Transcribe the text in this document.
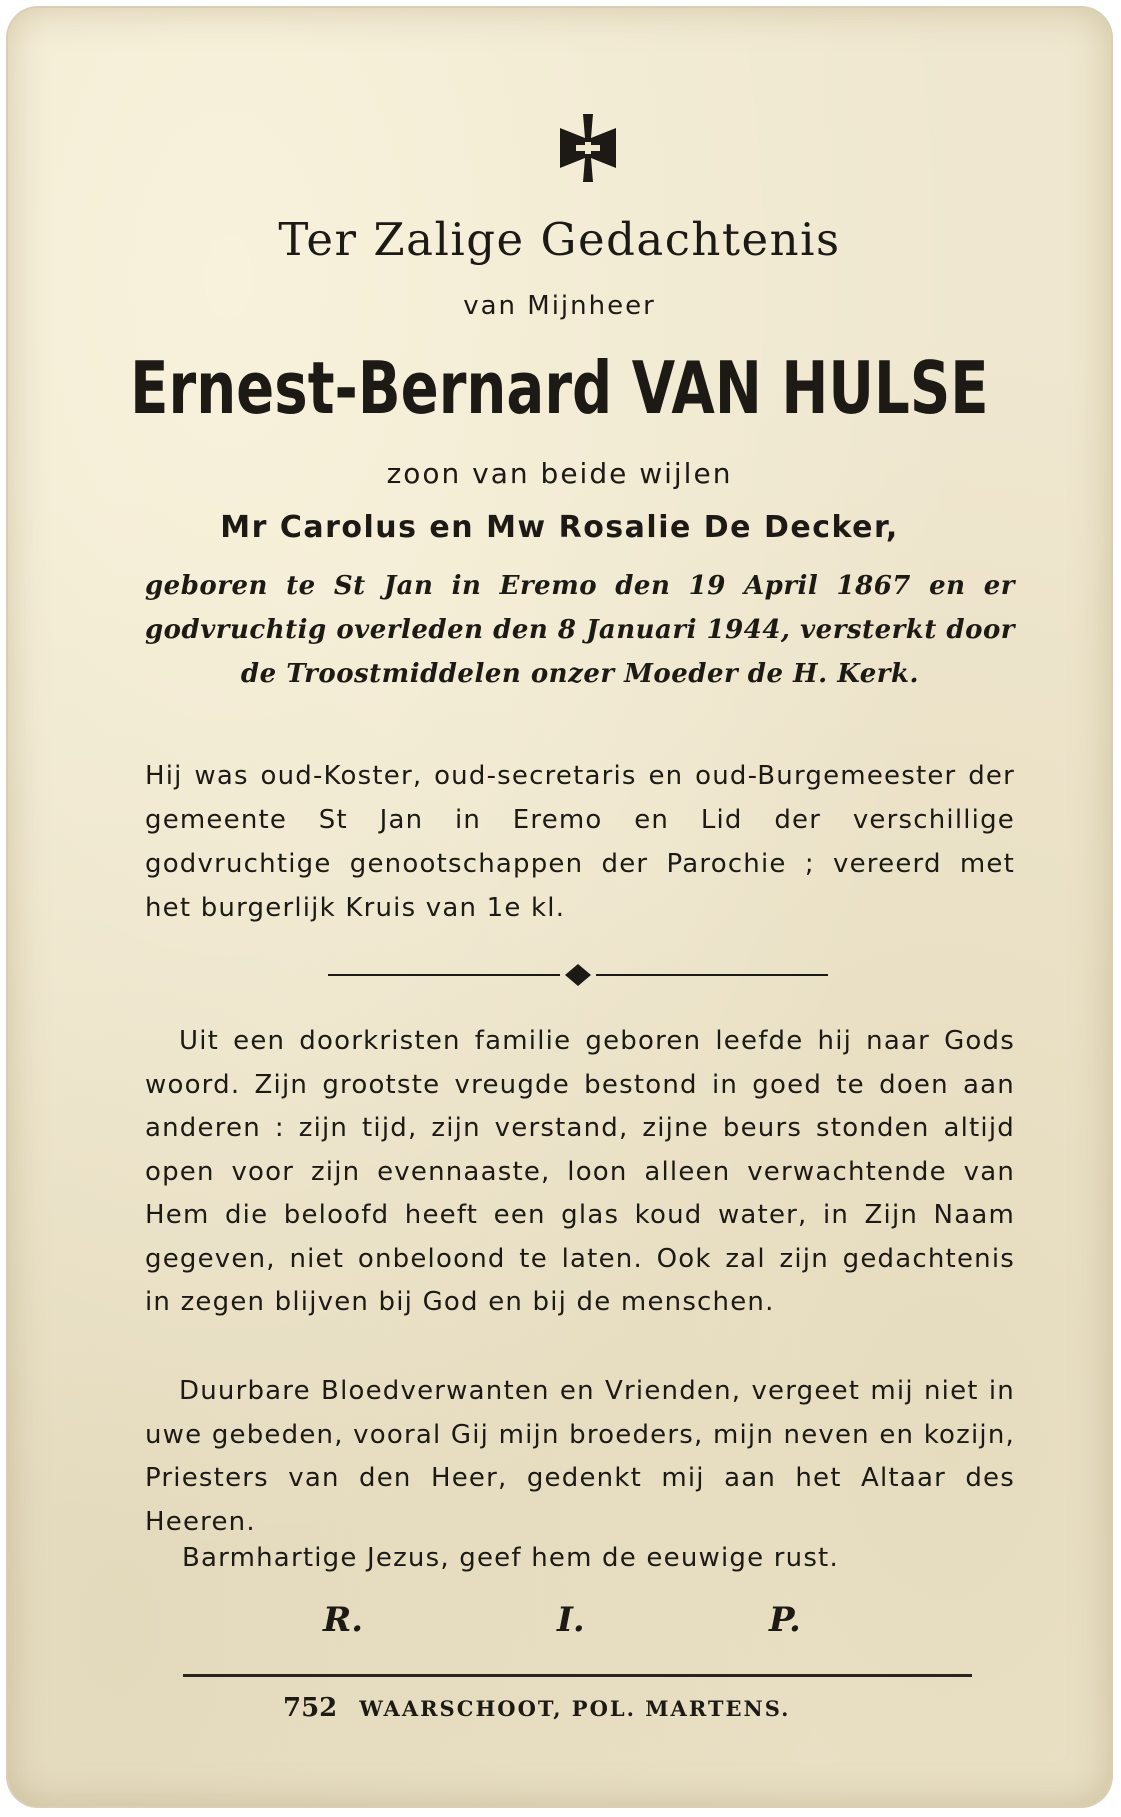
Ter Zalige Gedachtenis
van Mijnheer
Ernest-Bernard VAN HULSE
zoon van beide wijlen
Mr Carolus en Mw Rosalie De Decker,
geboren te St Jan in Eremo den 19 April 1867 en er godvruchtig overleden den 8 Januari 1944, versterkt door de Troostmiddelen onzer Moeder de H. Kerk.
Hij was oud-Koster, oud-secretaris en oud-Burgemeester der gemeente St Jan in Eremo en Lid der verschillige godvruchtige genootschappen der Parochie ; vereerd met het burgerlijk Kruis van 1e kl.
Uit een doorkristen familie geboren leefde hij naar Gods woord. Zijn grootste vreugde bestond in goed te doen aan anderen : zijn tijd, zijn verstand, zijne beurs stonden altijd open voor zijn evennaaste, loon alleen verwachtende van Hem die beloofd heeft een glas koud water, in Zijn Naam gegeven, niet onbeloond te laten. Ook zal zijn gedachtenis in zegen blijven bij God en bij de menschen.
Duurbare Bloedverwanten en Vrienden, vergeet mij niet in uwe gebeden, vooral Gij mijn broeders, mijn neven en kozijn, Priesters van den Heer, gedenkt mij aan het Altaar des Heeren.
Barmhartige Jezus, geef hem de eeuwige rust.
R.	I.	P.
752 WAARSCHOOT, POL. MARTENS.
